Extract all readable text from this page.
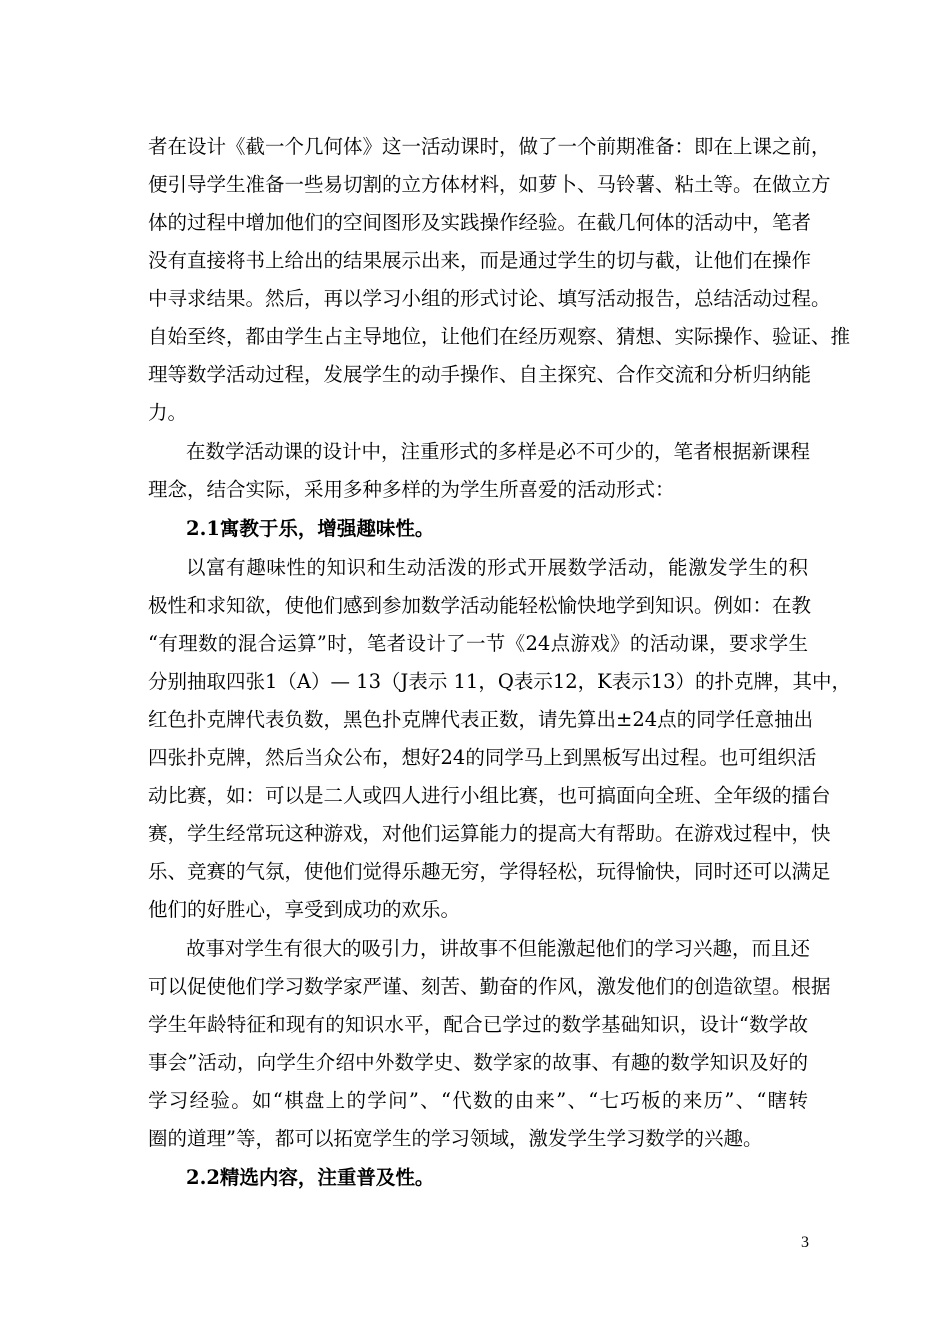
者在设计《截一个几何体》这一活动课时，做了一个前期准备：即在上课之前，
便引导学生准备一些易切割的立方体材料，如萝卜、马铃薯、粘土等。在做立方
体的过程中增加他们的空间图形及实践操作经验。在截几何体的活动中，笔者
没有直接将书上给出的结果展示出来，而是通过学生的切与截，让他们在操作
中寻求结果。然后，再以学习小组的形式讨论、填写活动报告，总结活动过程。
自始至终，都由学生占主导地位，让他们在经历观察、猜想、实际操作、验证、推
理等数学活动过程，发展学生的动手操作、自主探究、合作交流和分析归纳能
力。
在数学活动课的设计中，注重形式的多样是必不可少的，笔者根据新课程
理念，结合实际，采用多种多样的为学生所喜爱的活动形式：
2.1寓教于乐，增强趣味性。
以富有趣味性的知识和生动活泼的形式开展数学活动，能激发学生的积
极性和求知欲，使他们感到参加数学活动能轻松愉快地学到知识。例如：在教
“有理数的混合运算”时，笔者设计了一节《24点游戏》的活动课，要求学生
分别抽取四张1（A）— 13（J表示 11，Q表示12，K表示13）的扑克牌，其中，
红色扑克牌代表负数，黑色扑克牌代表正数，请先算出±24点的同学任意抽出
四张扑克牌，然后当众公布，想好24的同学马上到黑板写出过程。也可组织活
动比赛，如：可以是二人或四人进行小组比赛，也可搞面向全班、全年级的擂台
赛，学生经常玩这种游戏，对他们运算能力的提高大有帮助。在游戏过程中，快
乐、竞赛的气氛，使他们觉得乐趣无穷，学得轻松，玩得愉快，同时还可以满足
他们的好胜心，享受到成功的欢乐。
故事对学生有很大的吸引力，讲故事不但能激起他们的学习兴趣，而且还
可以促使他们学习数学家严谨、刻苦、勤奋的作风，激发他们的创造欲望。根据
学生年龄特征和现有的知识水平，配合已学过的数学基础知识，设计“数学故
事会”活动，向学生介绍中外数学史、数学家的故事、有趣的数学知识及好的
学习经验。如“棋盘上的学问”、“代数的由来”、“七巧板的来历”、“瞎转
圈的道理”等，都可以拓宽学生的学习领域，激发学生学习数学的兴趣。
2.2精选内容，注重普及性。
3
